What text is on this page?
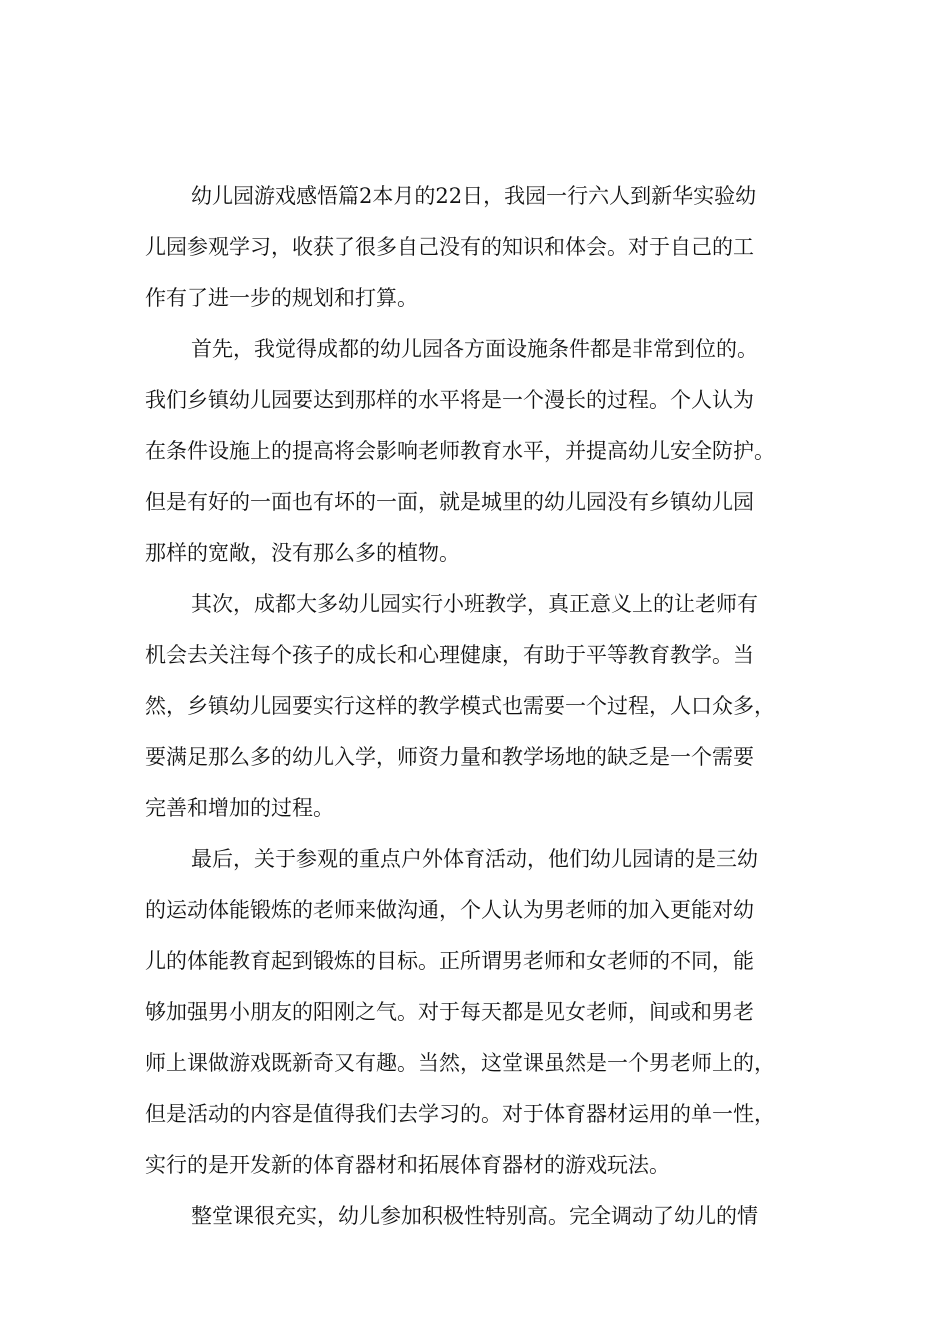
幼儿园游戏感悟篇2本月的22日，我园一行六人到新华实验幼
儿园参观学习，收获了很多自己没有的知识和体会。对于自己的工
作有了进一步的规划和打算。
首先，我觉得成都的幼儿园各方面设施条件都是非常到位的。
我们乡镇幼儿园要达到那样的水平将是一个漫长的过程。个人认为
在条件设施上的提高将会影响老师教育水平，并提高幼儿安全防护。
但是有好的一面也有坏的一面，就是城里的幼儿园没有乡镇幼儿园
那样的宽敞，没有那么多的植物。
其次，成都大多幼儿园实行小班教学，真正意义上的让老师有
机会去关注每个孩子的成长和心理健康，有助于平等教育教学。当
然，乡镇幼儿园要实行这样的教学模式也需要一个过程，人口众多，
要满足那么多的幼儿入学，师资力量和教学场地的缺乏是一个需要
完善和增加的过程。
最后，关于参观的重点户外体育活动，他们幼儿园请的是三幼
的运动体能锻炼的老师来做沟通，个人认为男老师的加入更能对幼
儿的体能教育起到锻炼的目标。正所谓男老师和女老师的不同，能
够加强男小朋友的阳刚之气。对于每天都是见女老师，间或和男老
师上课做游戏既新奇又有趣。当然，这堂课虽然是一个男老师上的，
但是活动的内容是值得我们去学习的。对于体育器材运用的单一性，
实行的是开发新的体育器材和拓展体育器材的游戏玩法。
整堂课很充实，幼儿参加积极性特别高。完全调动了幼儿的情
